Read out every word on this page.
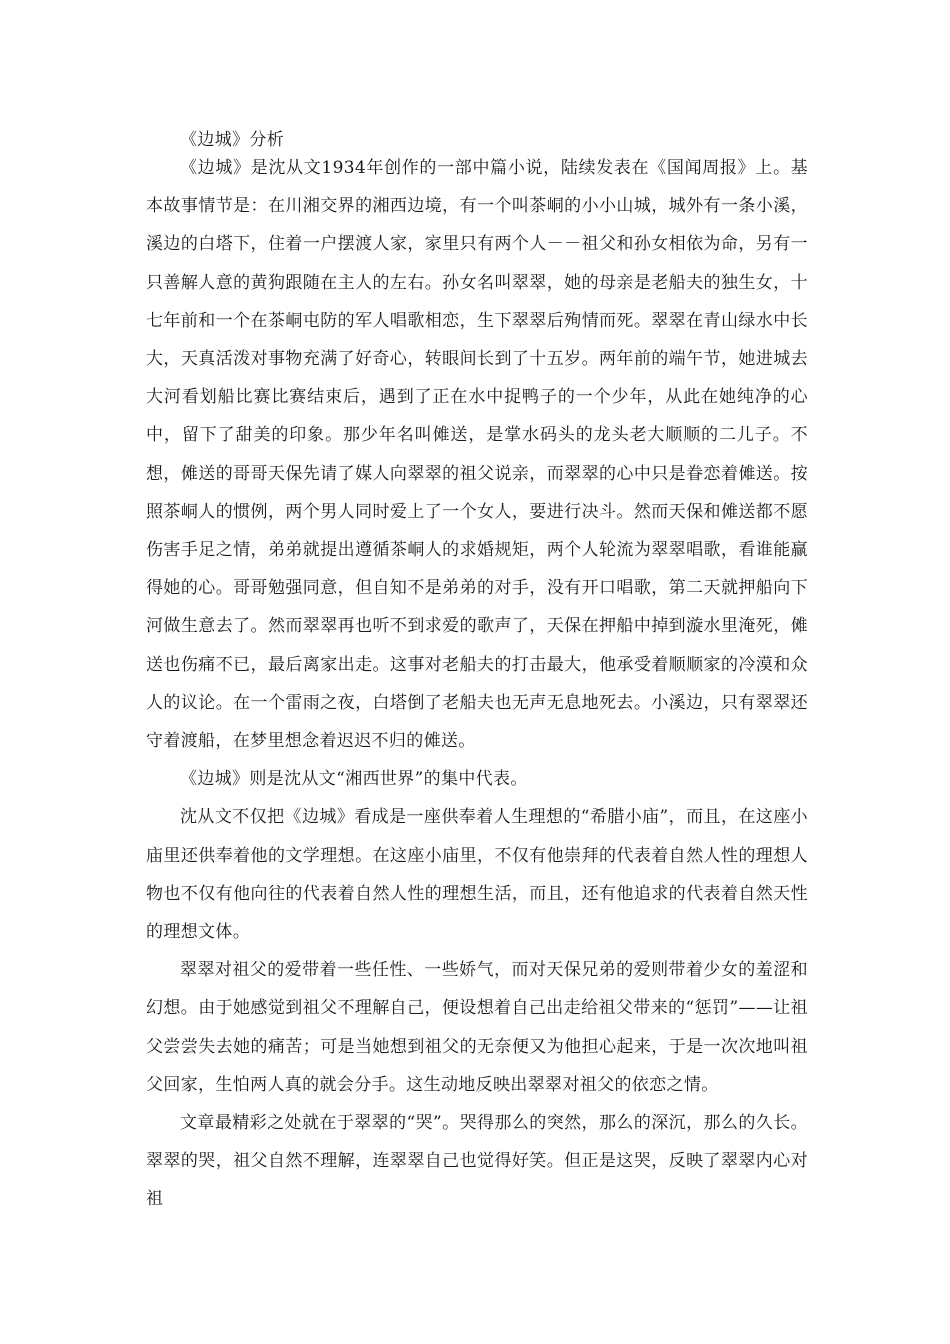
《边城》分析

《边城》是沈从文1934年创作的一部中篇小说，陆续发表在《国闻周报》上。基本故事情节是：在川湘交界的湘西边境，有一个叫茶峒的小小山城，城外有一条小溪，溪边的白塔下，住着一户摆渡人家，家里只有两个人－－祖父和孙女相依为命，另有一只善解人意的黄狗跟随在主人的左右。孙女名叫翠翠，她的母亲是老船夫的独生女，十七年前和一个在茶峒屯防的军人唱歌相恋，生下翠翠后殉情而死。翠翠在青山绿水中长大，天真活泼对事物充满了好奇心，转眼间长到了十五岁。两年前的端午节，她进城去大河看划船比赛比赛结束后，遇到了正在水中捉鸭子的一个少年，从此在她纯净的心中，留下了甜美的印象。那少年名叫傩送，是掌水码头的龙头老大顺顺的二儿子。不想，傩送的哥哥天保先请了媒人向翠翠的祖父说亲，而翠翠的心中只是眷恋着傩送。按照茶峒人的惯例，两个男人同时爱上了一个女人，要进行决斗。然而天保和傩送都不愿伤害手足之情，弟弟就提出遵循茶峒人的求婚规矩，两个人轮流为翠翠唱歌，看谁能赢得她的心。哥哥勉强同意，但自知不是弟弟的对手，没有开口唱歌，第二天就押船向下河做生意去了。然而翠翠再也听不到求爱的歌声了，天保在押船中掉到漩水里淹死，傩送也伤痛不已，最后离家出走。这事对老船夫的打击最大，他承受着顺顺家的冷漠和众人的议论。在一个雷雨之夜，白塔倒了老船夫也无声无息地死去。小溪边，只有翠翠还守着渡船，在梦里想念着迟迟不归的傩送。

《边城》则是沈从文“湘西世界”的集中代表。

沈从文不仅把《边城》看成是一座供奉着人生理想的“希腊小庙”，而且，在这座小庙里还供奉着他的文学理想。在这座小庙里，不仅有他崇拜的代表着自然人性的理想人物也不仅有他向往的代表着自然人性的理想生活，而且，还有他追求的代表着自然天性的理想文体。

翠翠对祖父的爱带着一些任性、一些娇气，而对天保兄弟的爱则带着少女的羞涩和幻想。由于她感觉到祖父不理解自己，便设想着自己出走给祖父带来的“惩罚”——让祖父尝尝失去她的痛苦；可是当她想到祖父的无奈便又为他担心起来，于是一次次地叫祖父回家，生怕两人真的就会分手。这生动地反映出翠翠对祖父的依恋之情。

文章最精彩之处就在于翠翠的“哭”。哭得那么的突然，那么的深沉，那么的久长。翠翠的哭，祖父自然不理解，连翠翠自己也觉得好笑。但正是这哭，反映了翠翠内心对祖
